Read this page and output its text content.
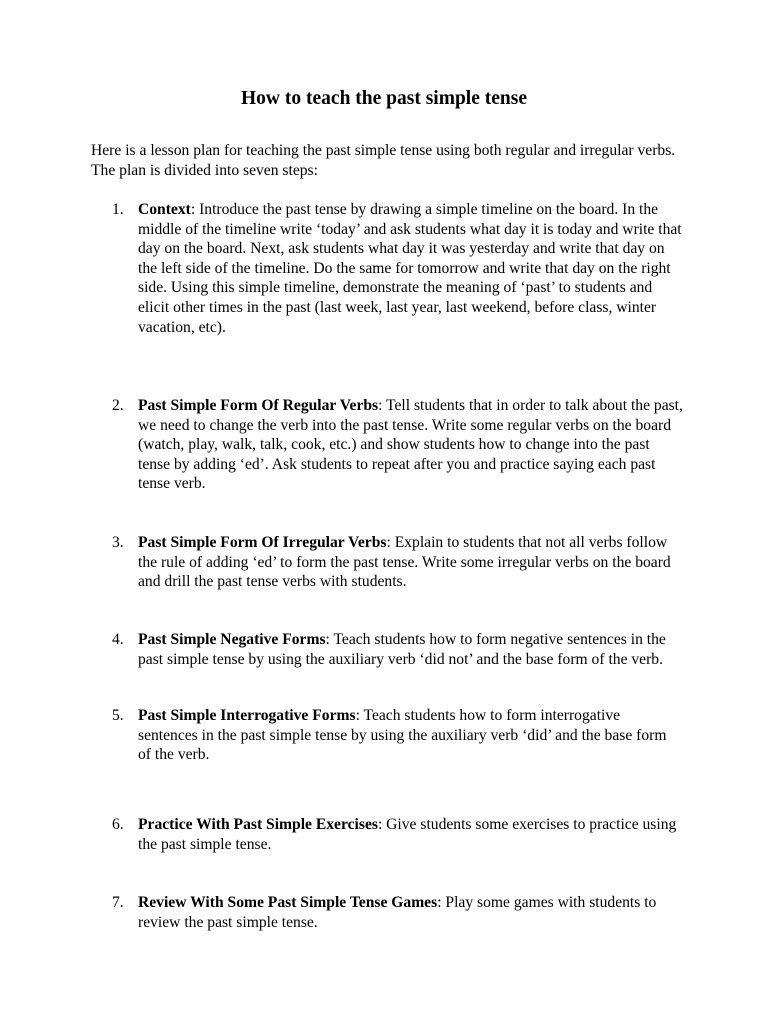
How to teach the past simple tense
Here is a lesson plan for teaching the past simple tense using both regular and irregular verbs. The plan is divided into seven steps:
1. Context: Introduce the past tense by drawing a simple timeline on the board. In the middle of the timeline write ‘today’ and ask students what day it is today and write that day on the board. Next, ask students what day it was yesterday and write that day on the left side of the timeline. Do the same for tomorrow and write that day on the right side. Using this simple timeline, demonstrate the meaning of ‘past’ to students and elicit other times in the past (last week, last year, last weekend, before class, winter vacation, etc).
2. Past Simple Form Of Regular Verbs: Tell students that in order to talk about the past, we need to change the verb into the past tense. Write some regular verbs on the board (watch, play, walk, talk, cook, etc.) and show students how to change into the past tense by adding ‘ed’. Ask students to repeat after you and practice saying each past tense verb.
3. Past Simple Form Of Irregular Verbs: Explain to students that not all verbs follow the rule of adding ‘ed’ to form the past tense. Write some irregular verbs on the board and drill the past tense verbs with students.
4. Past Simple Negative Forms: Teach students how to form negative sentences in the past simple tense by using the auxiliary verb ‘did not’ and the base form of the verb.
5. Past Simple Interrogative Forms: Teach students how to form interrogative sentences in the past simple tense by using the auxiliary verb ‘did’ and the base form of the verb.
6. Practice With Past Simple Exercises: Give students some exercises to practice using the past simple tense.
7. Review With Some Past Simple Tense Games: Play some games with students to review the past simple tense.
